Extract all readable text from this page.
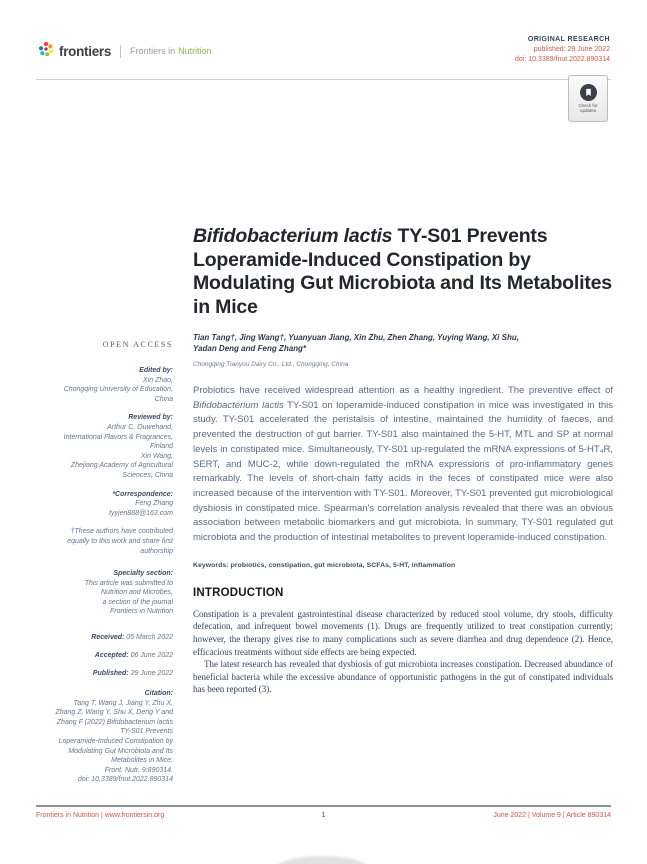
frontiers Frontiers in Nutrition
ORIGINAL RESEARCH
published: 29 June 2022
doi: 10.3389/fnut.2022.890314
Check for updates
OPEN ACCESS
Edited by:
Xin Zhao,
Chongqing University of Education,
China
Reviewed by:
Arthur C. Ouwehand,
International Flavors & Fragrances,
Finland
Xin Wang,
Zhejiang Academy of Agricultural
Sciences, China
*Correspondence:
Feng Zhang
tyyjen888@163.com
†These authors have contributed
equally to this work and share first
authorship
Specialty section:
This article was submitted to
Nutrition and Microbes,
a section of the journal
Frontiers in Nutrition
Received: 05 March 2022
Accepted: 06 June 2022
Published: 29 June 2022
Citation:
Tang T, Wang J, Jiang Y, Zhu X,
Zhang Z, Wang Y, Shu X, Deng Y and
Zhang F (2022) Bifidobacterium lactis
TY-S01 Prevents
Loperamide-Induced Constipation by
Modulating Gut Microbiota and Its
Metabolites in Mice.
Front. Nutr. 9:890314.
doi: 10.3389/fnut.2022.890314
Bifidobacterium lactis TY-S01 Prevents Loperamide-Induced Constipation by Modulating Gut Microbiota and Its Metabolites in Mice
Tian Tang†, Jing Wang†, Yuanyuan Jiang, Xin Zhu, Zhen Zhang, Yuying Wang, Xi Shu,
Yadan Deng and Feng Zhang*
Chongqing Tianyou Dairy Co., Ltd., Chongqing, China
Probiotics have received widespread attention as a healthy ingredient. The preventive effect of Bifidobacterium lactis TY-S01 on loperamide-induced constipation in mice was investigated in this study. TY-S01 accelerated the peristalsis of intestine, maintained the humidity of faeces, and prevented the destruction of gut barrier. TY-S01 also maintained the 5-HT, MTL and SP at normal levels in constipated mice. Simultaneously, TY-S01 up-regulated the mRNA expressions of 5-HT₄R, SERT, and MUC-2, while down-regulated the mRNA expressions of pro-inflammatory genes remarkably. The levels of short-chain fatty acids in the feces of constipated mice were also increased because of the intervention with TY-S01. Moreover, TY-S01 prevented gut microbiological dysbiosis in constipated mice. Spearman's correlation analysis revealed that there was an obvious association between metabolic biomarkers and gut microbiota. In summary, TY-S01 regulated gut microbiota and the production of intestinal metabolites to prevent loperamide-induced constipation.
Keywords: probiotics, constipation, gut microbiota, SCFAs, 5-HT, inflammation
INTRODUCTION

Constipation is a prevalent gastrointestinal disease characterized by reduced stool volume, dry stools, difficulty defecation, and infrequent bowel movements (1). Drugs are frequently utilized to treat constipation currently; however, the therapy gives rise to many complications such as severe diarrhea and drug dependence (2). Hence, efficacious treatments without side effects are being expected.

The latest research has revealed that dysbiosis of gut microbiota increases constipation. Decreased abundance of beneficial bacteria while the excessive abundance of opportunistic pathogens in the gut of constipated individuals has been reported (3).

Frontiers in Nutrition | www.frontiersin.org	1	June 2022 | Volume 9 | Article 890314
